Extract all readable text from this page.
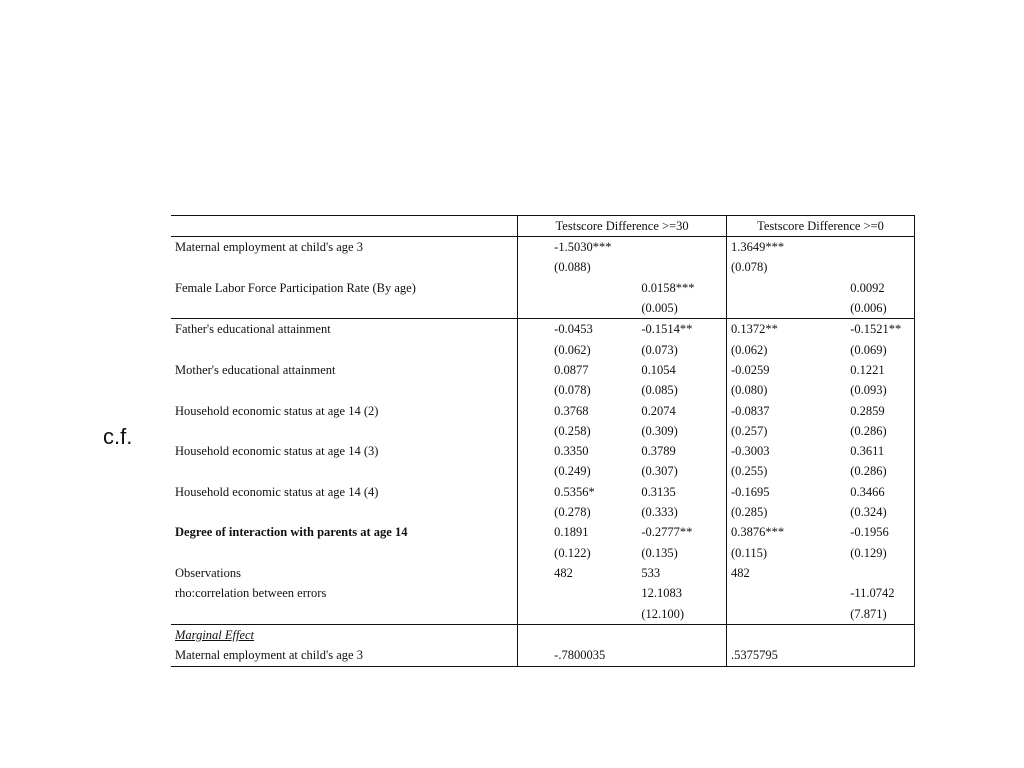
c.f.
	Testscore Difference >=30		Testscore Difference >=0	
Maternal employment at child's age 3	-1.5030***		1.3649***	
	(0.088)		(0.078)	
Female Labor Force Participation Rate (By age)		0.0158***		0.0092
		(0.005)		(0.006)
Father's educational attainment	-0.0453	-0.1514**	0.1372**	-0.1521**
	(0.062)	(0.073)	(0.062)	(0.069)
Mother's educational attainment	0.0877	0.1054	-0.0259	0.1221
	(0.078)	(0.085)	(0.080)	(0.093)
Household economic status at age 14 (2)	0.3768	0.2074	-0.0837	0.2859
	(0.258)	(0.309)	(0.257)	(0.286)
Household economic status at age 14 (3)	0.3350	0.3789	-0.3003	0.3611
	(0.249)	(0.307)	(0.255)	(0.286)
Household economic status at age 14 (4)	0.5356*	0.3135	-0.1695	0.3466
	(0.278)	(0.333)	(0.285)	(0.324)
Degree of interaction with parents at age 14	0.1891	-0.2777**	0.3876***	-0.1956
	(0.122)	(0.135)	(0.115)	(0.129)
Observations	482	533	482	
rho:correlation between errors		12.1083		-11.0742
		(12.100)		(7.871)
Marginal Effect				
Maternal employment at child's age 3	-.7800035		.5375795	
